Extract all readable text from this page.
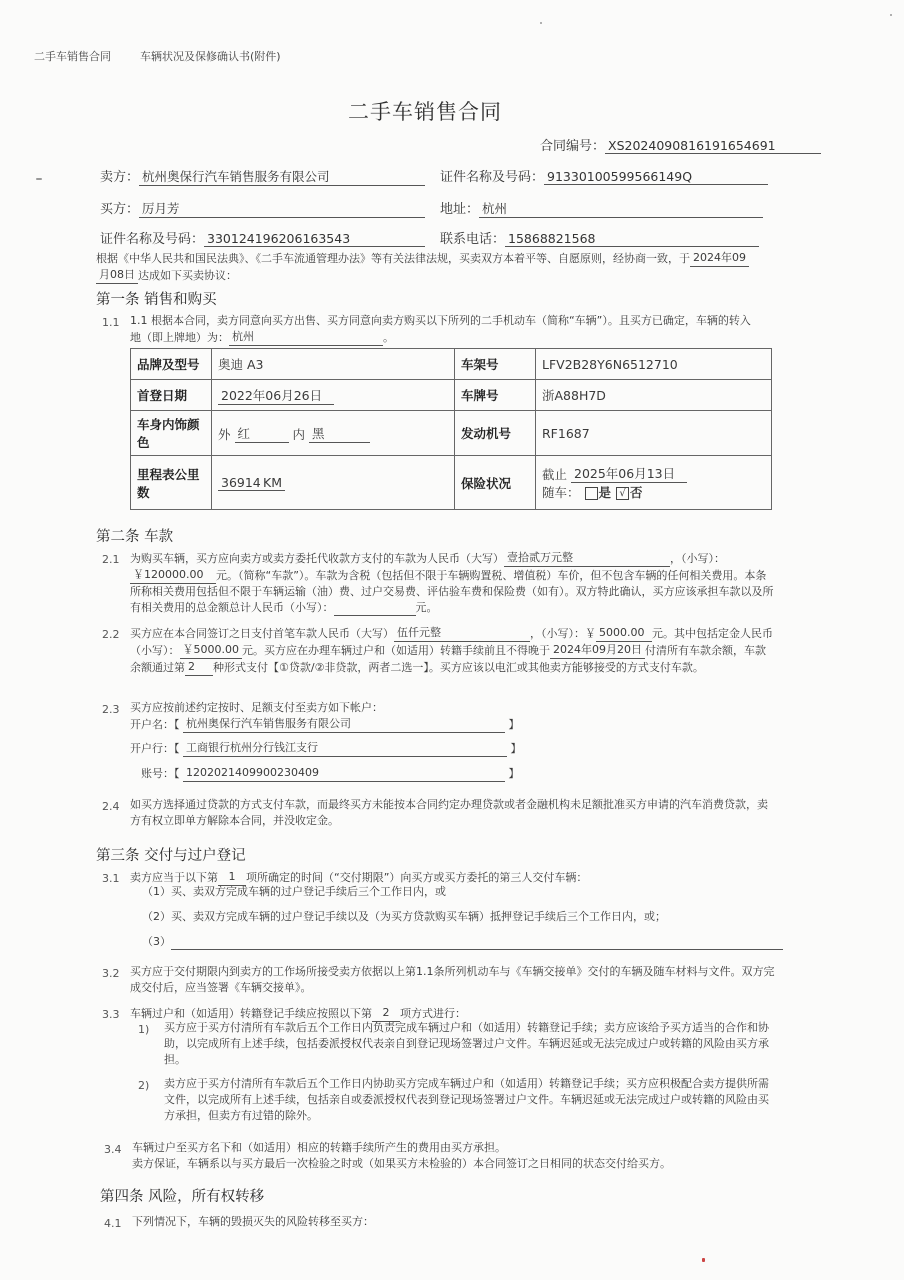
二手车销售合同	车辆状况及保修确认书(附件)
二手车销售合同
合同编号： XS20240908161916546​91
卖方： 杭州奥保行汽车销售服务有限公司	证件名称及号码： 91330100599566149Q
买方： 厉月芳	地址： 杭州
证件名称及号码： 330124196206163543	联系电话： 15868821568
根据《中华人民共和国民法典》、《二手车流通管理办法》等有关法律法规，买卖双方本着平等、自愿原则，经协商一致，于 2024年09
月08日 达成如下买卖协议：
第一条 销售和购买
1.1 1.1 根据本合同，卖方同意向买方出售、买方同意向卖方购买以下所列的二手机动车（简称“车辆”）。且买方已确定，车辆的转入
地（即上牌地）为： 杭州	。
品牌及型号	奥迪 A3	车架号	LFV2B28Y6N6512710
首登日期	2022年06月26日	车牌号	浙A88H7D
车身内饰颜色	外 红 内 黑	发动机号	RF1687
里程表公里数	36914 KM	保险状况	截止 2025年06月13日
随车： 是 √ 否
第二条 车款
2.1 为购买车辆，买方应向卖方或卖方委托代收款方支付的车款为人民币（大写） 壹拾贰万元整	，（小写）：￥120000.00 元。（简称“车款”）。车款为含税（包括但不限于车辆购置税、增值税）车价，但不包含车辆的任何相关费用。本条所称相关费用包括但不限于车辆运输（油）费、过户交易费、评估验车费和保险费（如有）。双方特此确认，买方应该承担车款以及所有相关费用的总金额总计人民币（小写）：	元。
2.2 买方应在本合同签订之日支付首笔车款人民币（大写） 伍仟元整	，（小写）：￥ 5000.00 元。其中包括定金人民币（小写）： ￥5000.00 元。买方应在办理车辆过户和（如适用）转籍手续前且不得晚于 2024年09月20日 付清所有车款余额，车款余额通过第 2 种形式支付【①贷款/②非贷款，两者二选一】。买方应该以电汇或其他卖方能够接受的方式支付车款。
2.3 买方应按前述约定按时、足额支付至卖方如下帐户：
开户名：【 杭州奥保行汽车销售服务有限公司	】
开户行：【 工商银行杭州分行钱江支行	】
账号：【 1202021409900230409	】
2.4 如买方选择通过贷款的方式支付车款，而最终买方未能按本合同约定办理贷款或者金融机构未足额批准买方申请的汽车消费贷款，卖方有权立即单方解除本合同，并没收定金。
第三条 交付与过户登记
3.1 卖方应当于以下第 1 项所确定的时间（“交付期限”）向买方或买方委托的第三人交付车辆：
（1）买、卖双方完成车辆的过户登记手续后三个工作日内，或
（2）买、卖双方完成车辆的过户登记手续以及（为买方贷款购买车辆）抵押登记手续后三个工作日内，或；
（3）
3.2 买方应于交付期限内到卖方的工作场所接受卖方依据以上第1.1条所列机动车与《车辆交接单》交付的车辆及随车材料与文件。双方完成交付后，应当签署《车辆交接单》。
3.3 车辆过户和（如适用）转籍登记手续应按照以下第 2 项方式进行：
1) 买方应于买方付清所有车款后五个工作日内负责完成车辆过户和（如适用）转籍登记手续；卖方应该给予买方适当的合作和协助，以完成所有上述手续，包括委派授权代表亲自到登记现场签署过户文件。车辆迟延或无法完成过户或转籍的风险由买方承担。
2) 卖方应于买方付清所有车款后五个工作日内协助买方完成车辆过户和（如适用）转籍登记手续；买方应积极配合卖方提供所需文件，以完成所有上述手续，包括亲自或委派授权代表到登记现场签署过户文件。车辆迟延或无法完成过户或转籍的风险由买方承担，但卖方有过错的除外。
3.4 车辆过户至买方名下和（如适用）相应的转籍手续所产生的费用由买方承担。
卖方保证，车辆系以与买方最后一次检验之时或（如果买方未检验的）本合同签订之日相同的状态交付给买方。
第四条 风险，所有权转移
4.1 下列情况下，车辆的毁损灭失的风险转移至买方：
